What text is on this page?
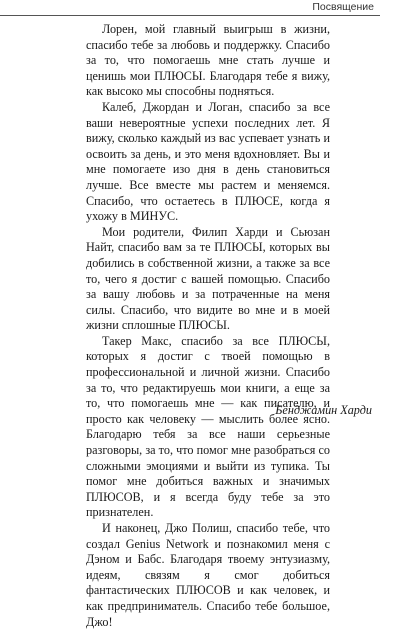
Посвящение

Лорен, мой главный выигрыш в жизни, спасибо тебе за любовь и поддержку. Спасибо за то, что помогаешь мне стать лучше и ценишь мои ПЛЮСЫ. Благодаря тебе я вижу, как высоко мы способны подняться.

Калеб, Джордан и Логан, спасибо за все ваши невероятные успехи последних лет. Я вижу, сколько каждый из вас успевает узнать и освоить за день, и это меня вдохновляет. Вы и мне помогаете изо дня в день становиться лучше. Все вместе мы растем и меняемся. Спасибо, что остаетесь в ПЛЮСЕ, когда я ухожу в МИНУС.

Мои родители, Филип Харди и Сьюзан Найт, спасибо вам за те ПЛЮСЫ, которых вы добились в собственной жизни, а также за все то, чего я достиг с вашей помощью. Спасибо за вашу любовь и за потраченные на меня силы. Спасибо, что видите во мне и в моей жизни сплошные ПЛЮСЫ.

Такер Макс, спасибо за все ПЛЮСЫ, которых я достиг с твоей помощью в профессиональной и личной жизни. Спасибо за то, что редактируешь мои книги, а еще за то, что помогаешь мне — как писателю, и просто как человеку — мыслить более ясно. Благодарю тебя за все наши серьезные разговоры, за то, что помог мне разобраться со сложными эмоциями и выйти из тупика. Ты помог мне добиться важных и значимых ПЛЮСОВ, и я всегда буду тебе за это признателен.

И наконец, Джо Полиш, спасибо тебе, что создал Genius Network и познакомил меня с Дэном и Бабс. Благодаря твоему энтузиазму, идеям, связям я смог добиться фантастических ПЛЮСОВ и как человек, и как предприниматель. Спасибо тебе большое, Джо!

Бенджамин Харди
